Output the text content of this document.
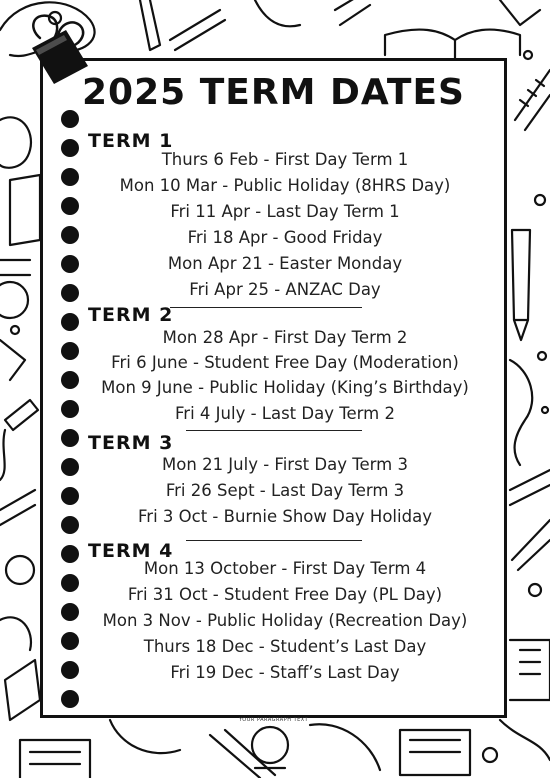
2025 TERM DATES
TERM 1
Thurs 6 Feb - First Day Term 1
Mon 10 Mar - Public Holiday (8HRS Day)
Fri 11 Apr - Last Day Term 1
Fri 18 Apr - Good Friday
Mon Apr 21 - Easter Monday
Fri Apr 25 - ANZAC Day
TERM 2
Mon 28 Apr - First Day Term 2
Fri 6 June - Student Free Day (Moderation)
Mon 9 June - Public Holiday (King’s Birthday)
Fri 4 July - Last Day Term 2
TERM 3
Mon 21 July - First Day Term 3
Fri 26 Sept - Last Day Term 3
Fri 3 Oct - Burnie Show Day Holiday
TERM 4
Mon 13 October - First Day Term 4
Fri 31 Oct - Student Free Day (PL Day)
Mon 3 Nov - Public Holiday (Recreation Day)
Thurs 18 Dec - Student’s Last Day
Fri 19 Dec - Staff’s Last Day
YOUR PARAGRAPH TEXT
